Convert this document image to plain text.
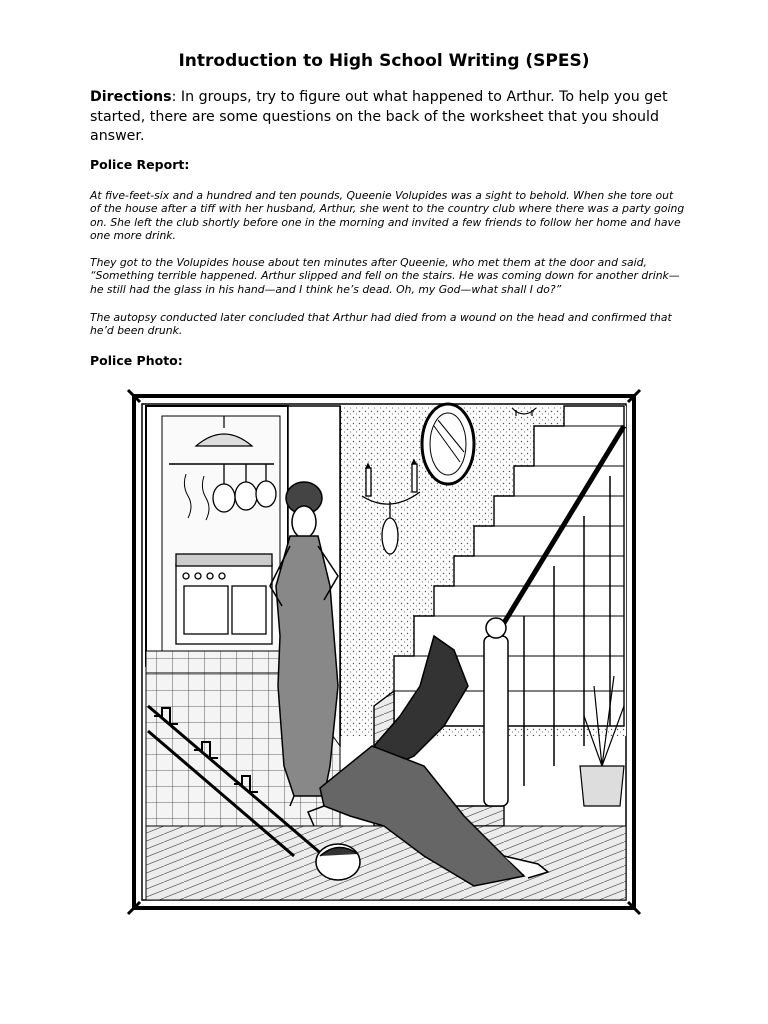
Introduction to High School Writing (SPES)

Directions: In groups, try to figure out what happened to Arthur. To help you get started, there are some questions on the back of the worksheet that you should answer.

Police Report:

At five-feet-six and a hundred and ten pounds, Queenie Volupides was a sight to behold. When she tore out of the house after a tiff with her husband, Arthur, she went to the country club where there was a party going on. She left the club shortly before one in the morning and invited a few friends to follow her home and have one more drink.

They got to the Volupides house about ten minutes after Queenie, who met them at the door and said, “Something terrible happened. Arthur slipped and fell on the stairs. He was coming down for another drink—he still had the glass in his hand—and I think he’s dead. Oh, my God—what shall I do?”

The autopsy conducted later concluded that Arthur had died from a wound on the head and confirmed that he’d been drunk.

Police Photo:
